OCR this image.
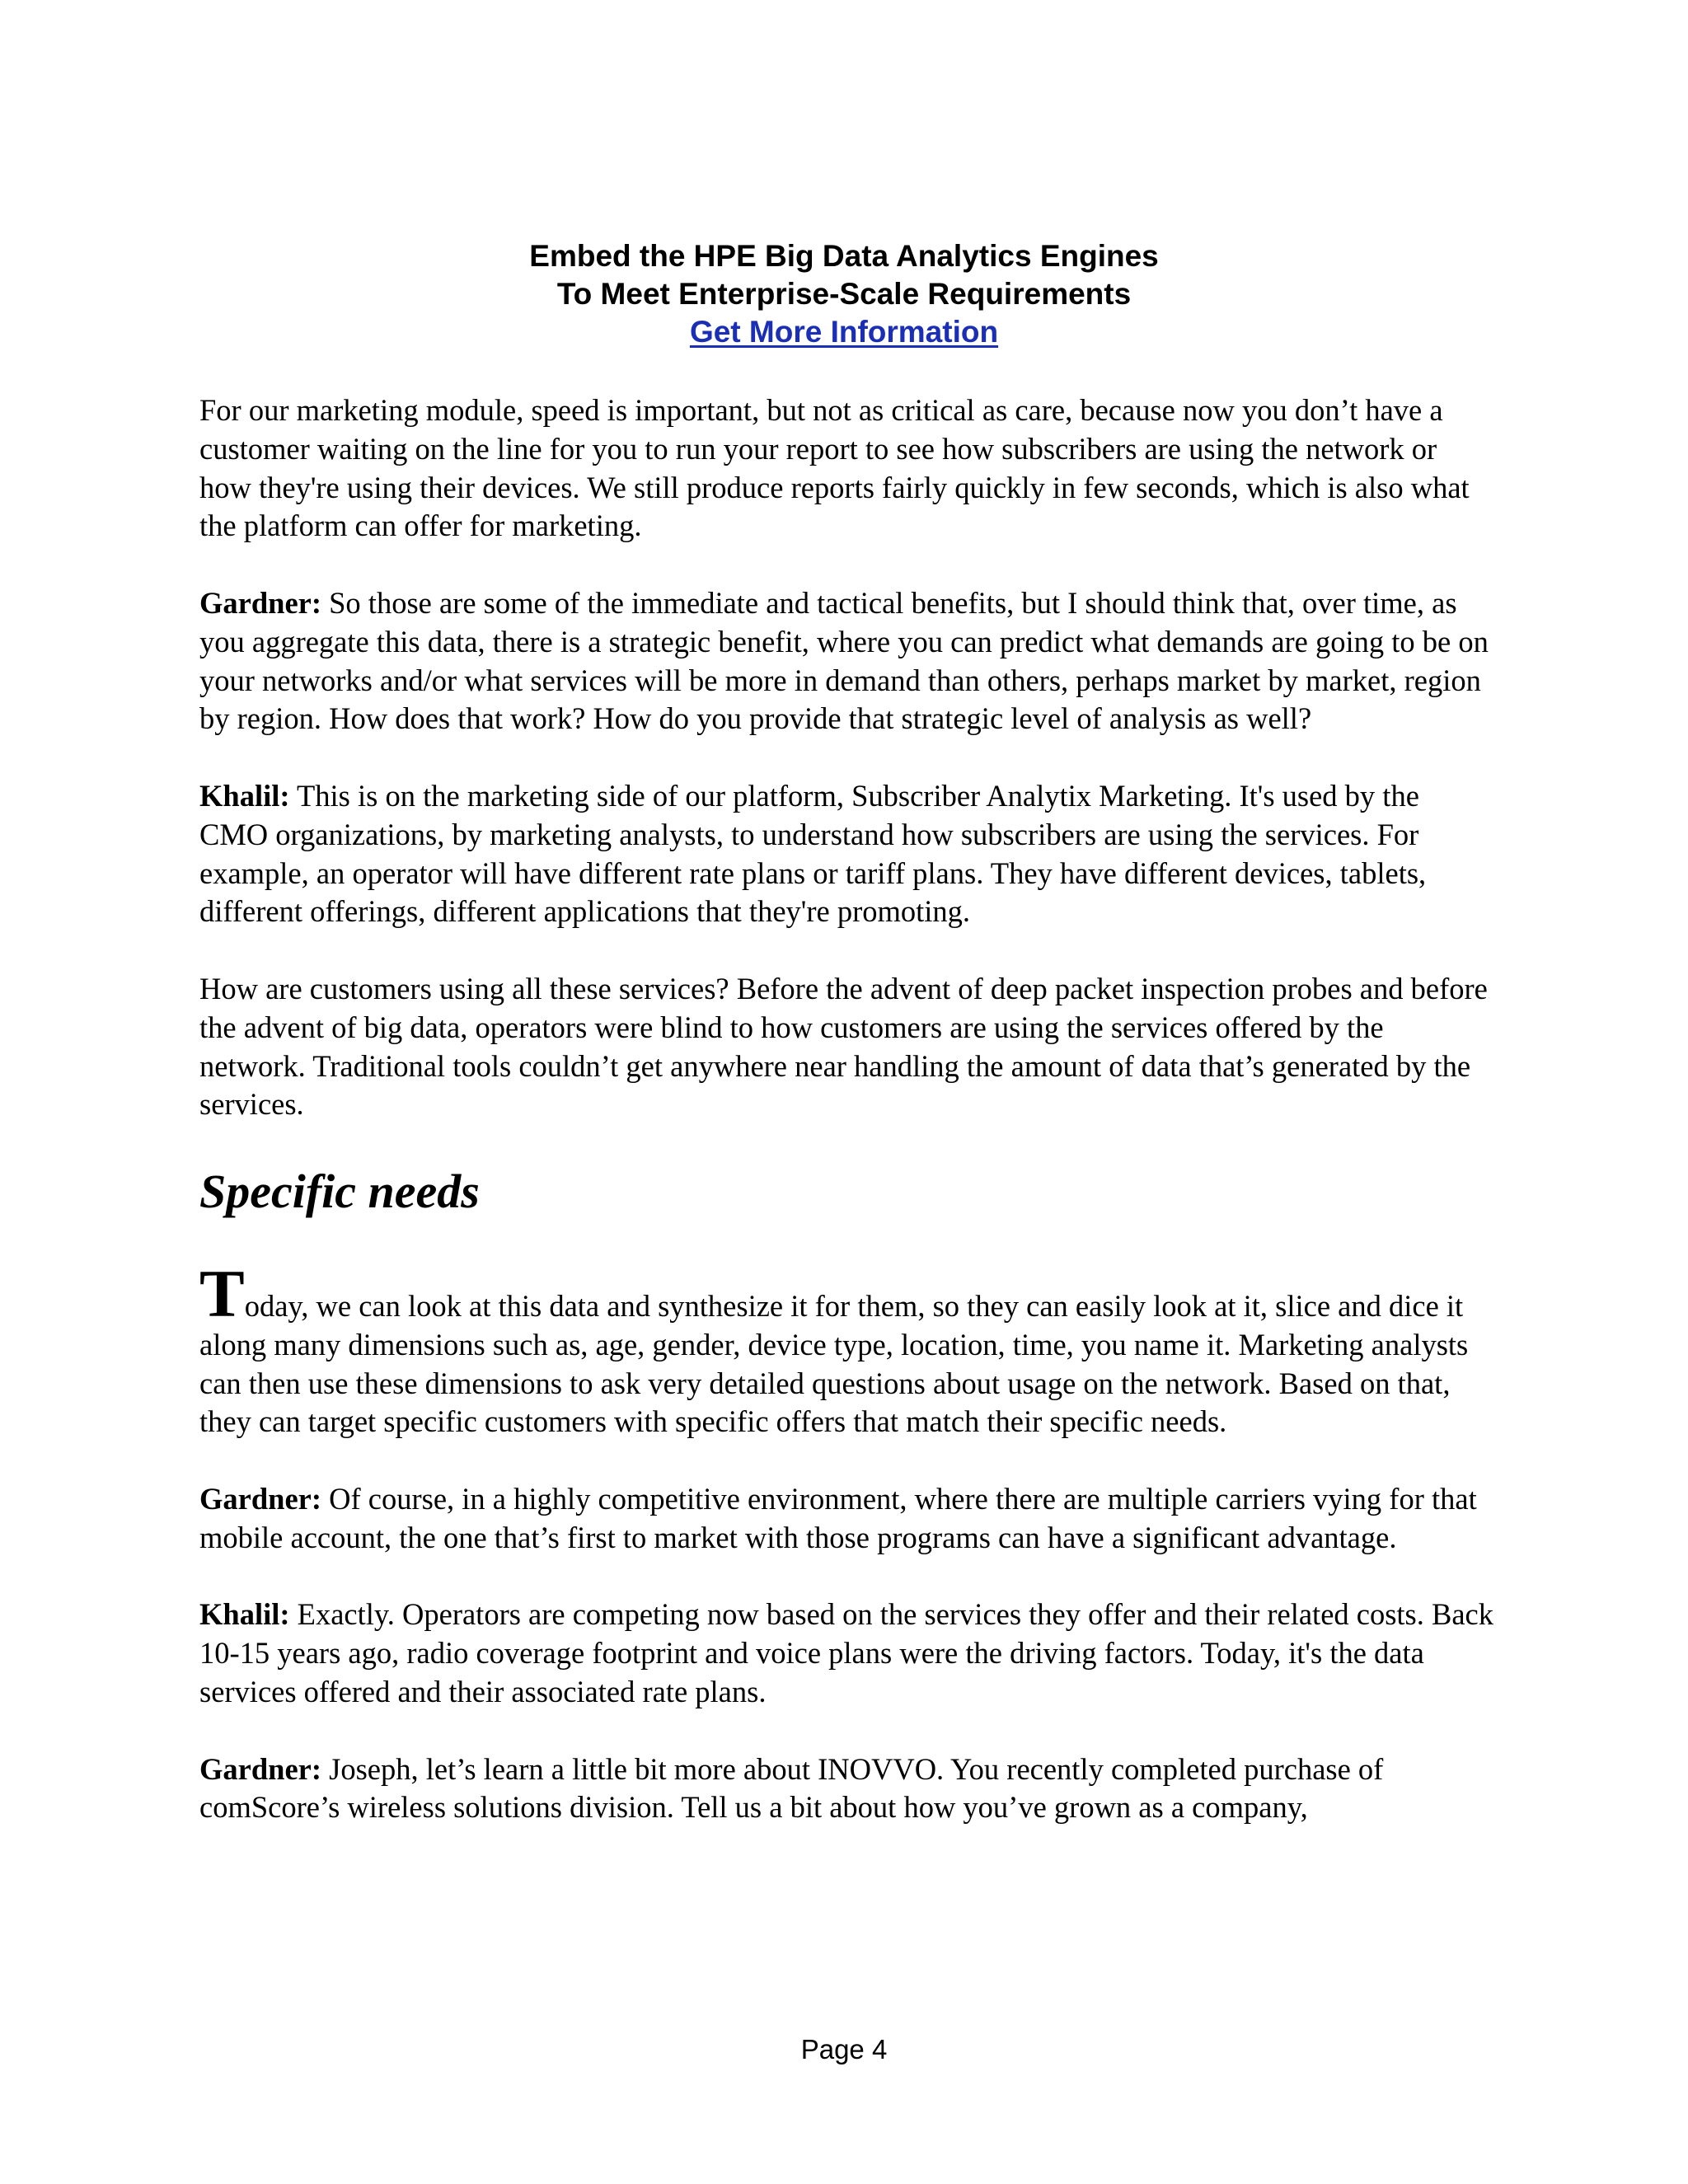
Embed the HPE Big Data Analytics Engines
To Meet Enterprise-Scale Requirements
Get More Information

For our marketing module, speed is important, but not as critical as care, because now you don’t have a customer waiting on the line for you to run your report to see how subscribers are using the network or how they're using their devices. We still produce reports fairly quickly in few seconds, which is also what the platform can offer for marketing.

Gardner: So those are some of the immediate and tactical benefits, but I should think that, over time, as you aggregate this data, there is a strategic benefit, where you can predict what demands are going to be on your networks and/or what services will be more in demand than others, perhaps market by market, region by region. How does that work? How do you provide that strategic level of analysis as well?

Khalil: This is on the marketing side of our platform, Subscriber Analytix Marketing. It's used by the CMO organizations, by marketing analysts, to understand how subscribers are using the services. For example, an operator will have different rate plans or tariff plans. They have different devices, tablets, different offerings, different applications that they're promoting.

How are customers using all these services? Before the advent of deep packet inspection probes and before the advent of big data, operators were blind to how customers are using the services offered by the network. Traditional tools couldn’t get anywhere near handling the amount of data that’s generated by the services.

Specific needs

Today, we can look at this data and synthesize it for them, so they can easily look at it, slice and dice it along many dimensions such as, age, gender, device type, location, time, you name it. Marketing analysts can then use these dimensions to ask very detailed questions about usage on the network. Based on that, they can target specific customers with specific offers that match their specific needs.

Gardner: Of course, in a highly competitive environment, where there are multiple carriers vying for that mobile account, the one that’s first to market with those programs can have a significant advantage.

Khalil: Exactly. Operators are competing now based on the services they offer and their related costs. Back 10-15 years ago, radio coverage footprint and voice plans were the driving factors. Today, it's the data services offered and their associated rate plans.

Gardner: Joseph, let’s learn a little bit more about INOVVO. You recently completed purchase of comScore’s wireless solutions division. Tell us a bit about how you’ve grown as a company,

Page 4
